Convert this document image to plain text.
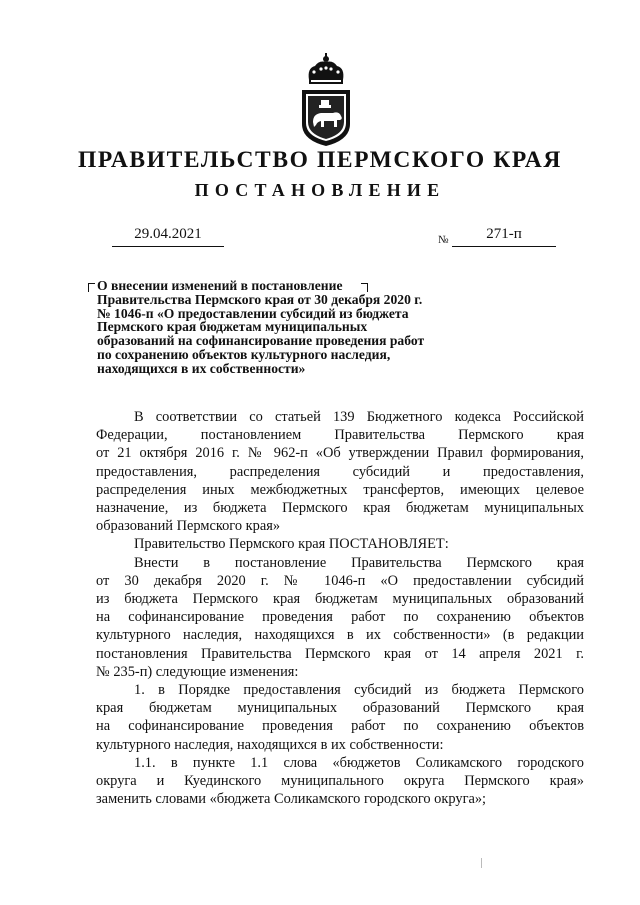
ПРАВИТЕЛЬСТВО ПЕРМСКОГО КРАЯ
ПОСТАНОВЛЕНИЕ
29.04.2021	№	271-п
О внесении изменений в постановление
Правительства Пермского края от 30 декабря 2020 г.
№ 1046-п «О предоставлении субсидий из бюджета
Пермского края бюджетам муниципальных
образований на софинансирование проведения работ
по сохранению объектов культурного наследия,
находящихся в их собственности»
В соответствии со статьей 139 Бюджетного кодекса Российской
Федерации, постановлением Правительства Пермского края
от 21 октября 2016 г. № 962-п «Об утверждении Правил формирования,
предоставления, распределения субсидий и предоставления,
распределения иных межбюджетных трансфертов, имеющих целевое
назначение, из бюджета Пермского края бюджетам муниципальных
образований Пермского края»
Правительство Пермского края ПОСТАНОВЛЯЕТ:
Внести в постановление Правительства Пермского края
от 30 декабря 2020 г. № 1046-п «О предоставлении субсидий
из бюджета Пермского края бюджетам муниципальных образований
на софинансирование проведения работ по сохранению объектов
культурного наследия, находящихся в их собственности» (в редакции
постановления Правительства Пермского края от 14 апреля 2021 г.
№ 235-п) следующие изменения:
1. в Порядке предоставления субсидий из бюджета Пермского
края бюджетам муниципальных образований Пермского края
на софинансирование проведения работ по сохранению объектов
культурного наследия, находящихся в их собственности:
1.1. в пункте 1.1 слова «бюджетов Соликамского городского
округа и Куединского муниципального округа Пермского края»
заменить словами «бюджета Соликамского городского округа»;
